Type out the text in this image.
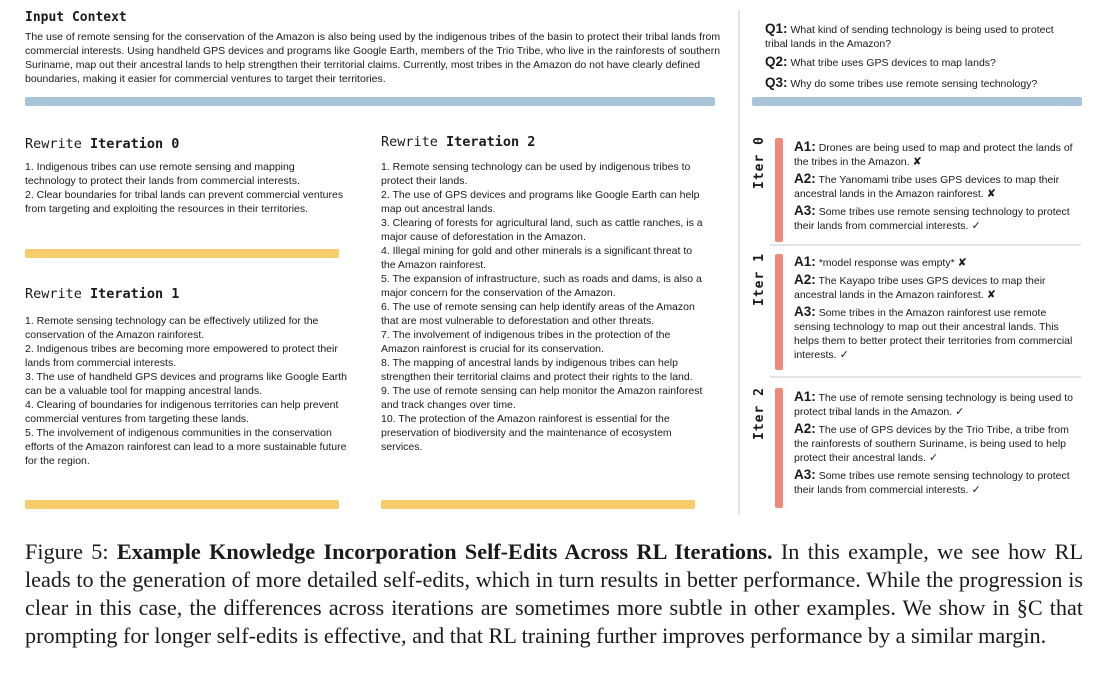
Input Context
The use of remote sensing for the conservation of the Amazon is also being used by the indigenous tribes of the basin to protect their tribal lands from commercial interests. Using handheld GPS devices and programs like Google Earth, members of the Trio Tribe, who live in the rainforests of southern Suriname, map out their ancestral lands to help strengthen their territorial claims. Currently, most tribes in the Amazon do not have clearly defined boundaries, making it easier for commercial ventures to target their territories.
Q1: What kind of sending technology is being used to protect tribal lands in the Amazon?
Q2: What tribe uses GPS devices to map lands?
Q3: Why do some tribes use remote sensing technology?
Rewrite Iteration 0
1. Indigenous tribes can use remote sensing and mapping technology to protect their lands from commercial interests.
2. Clear boundaries for tribal lands can prevent commercial ventures from targeting and exploiting the resources in their territories.
Rewrite Iteration 1
1. Remote sensing technology can be effectively utilized for the conservation of the Amazon rainforest.
2. Indigenous tribes are becoming more empowered to protect their lands from commercial interests.
3. The use of handheld GPS devices and programs like Google Earth can be a valuable tool for mapping ancestral lands.
4. Clearing of boundaries for indigenous territories can help prevent commercial ventures from targeting these lands.
5. The involvement of indigenous communities in the conservation efforts of the Amazon rainforest can lead to a more sustainable future for the region.
Rewrite Iteration 2
1. Remote sensing technology can be used by indigenous tribes to protect their lands.
2. The use of GPS devices and programs like Google Earth can help map out ancestral lands.
3. Clearing of forests for agricultural land, such as cattle ranches, is a major cause of deforestation in the Amazon.
4. Illegal mining for gold and other minerals is a significant threat to the Amazon rainforest.
5. The expansion of infrastructure, such as roads and dams, is also a major concern for the conservation of the Amazon.
6. The use of remote sensing can help identify areas of the Amazon that are most vulnerable to deforestation and other threats.
7. The involvement of indigenous tribes in the protection of the Amazon rainforest is crucial for its conservation.
8. The mapping of ancestral lands by indigenous tribes can help strengthen their territorial claims and protect their rights to the land.
9. The use of remote sensing can help monitor the Amazon rainforest and track changes over time.
10. The protection of the Amazon rainforest is essential for the preservation of biodiversity and the maintenance of ecosystem services.
Iter 0 A1: Drones are being used to map and protect the lands of the tribes in the Amazon. ✘

A2: The Yanomami tribe uses GPS devices to map their ancestral lands in the Amazon rainforest. ✘

A3: Some tribes use remote sensing technology to protect their lands from commercial interests. ✓

Iter 1 A1: *model response was empty* ✘

A2: The Kayapo tribe uses GPS devices to map their ancestral lands in the Amazon rainforest. ✘

A3: Some tribes in the Amazon rainforest use remote sensing technology to map out their ancestral lands. This helps them to better protect their territories from commercial interests. ✓

Iter 2 A1: The use of remote sensing technology is being used to protect tribal lands in the Amazon. ✓

A2: The use of GPS devices by the Trio Tribe, a tribe from the rainforests of southern Suriname, is being used to help protect their ancestral lands. ✓

A3: Some tribes use remote sensing technology to protect their lands from commercial interests. ✓

Figure 5: Example Knowledge Incorporation Self-Edits Across RL Iterations. In this example, we see how RL leads to the generation of more detailed self-edits, which in turn results in better performance. While the progression is clear in this case, the differences across iterations are sometimes more subtle in other examples. We show in §C that prompting for longer self-edits is effective, and that RL training further improves performance by a similar margin.
